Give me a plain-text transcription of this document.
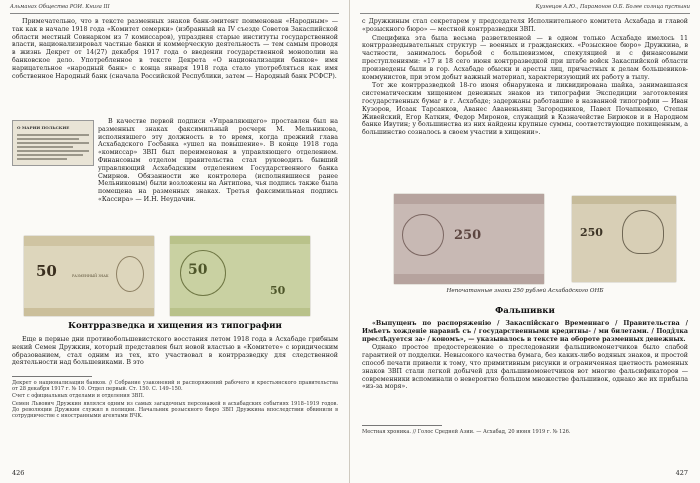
Альманах Общества РОИ. Книга III

Примечательно, что в тексте разменных знаков банк-эмитент поименован «Народным» — так как в начале 1918 года «Комитет семерки» (избранный на IV съезде Советов Закаспийской области местный Совнарком из 7 комиссаров), упраздняя старые институты государственной власти, национализировал частные банки и коммерческую деятельность — тем самым проводя в жизнь Декрет от 14(27) декабря 1917 года о введении государственной монополии на банковское дело. Употребленное в тексте Декрета «О национализации банков» имя нарицательное «народный банк» с конца января 1918 года стало употребляться как имя собственное Народный банк (сначала Российской Республики, затем — Народный банк РСФСР).

О МАРИИ ПОЛЬСКИЕ

В качестве первой подписи «Управляющего» проставлен был на разменных знаках факсимильный росчерк М. Мельникова, исполнявшего эту должность в то время, когда прежний глава Асхабадского Госбанка «ушел на повышение». В конце 1918 года «комиссар» ЗВП был переименован в управляющего отделением. Финансовым отделом правительства стал руководить бывший управляющий Асхабадским отделением Государственного банка Смирнов. Обязанности же контролера (исполнявшиеся ранее Мельниковым) были возложены на Антипова, чья подпись также была помещена на разменных знаках. Третья факсимильная подпись «Кассира» — И.Н. Неудачин.

50	РАЗМЕННЫЙ ЗНАК	50
50
Контрразведка и хищения из типографии

Еще в первые дни противобольшевистского восстания летом 1918 года в Асхабаде грибным некий Семен Дружкин, который представлен был новой властью в «Комитете» с юридическим образованием, стал одним из тех, кто участвовал в контрразведку для следственной деятельности над большевиками. В это

Декрет о национализации банков. // Собрание узаконений и распоряжений рабочего и крестьянского правительства от 28 декабря 1917 г. № 10. Отдел первый. Ст. 150. С. 149–150.

Счет с официальных отделами и отделения ЗВП.

Семен Львович Дружкин являлся одним из самых загадочных персонажей в асхабадских событиях 1918–1919 годов. До революции Дружкин служил в полиции. Начальник розыскного бюро ЗВП Дружкина впоследствии обвинили в сотрудничестве с иностранными агентами ВЧК.

426
Кузнецов А.Ю., Парамонов О.Б. Более солнца пустыни

с Дружкиным стал секретарем у председателя Исполнительного комитета Асхабада и главой «розыскного бюро» — местной контрразведки ЗВП.

Специфика эта была весьма разветвленной — в одном только Асхабаде имелось 11 контрразведывательных структур — военных и гражданских. «Розыскное бюро» Дружкина, в частности, занималось борьбой с большевизмом, спекуляцией и с финансовыми преступлениями: «17 и 18 сего июня контрразведкой при штабе войск Закаспийской области произведены были в гор. Асхабаде обыски и аресты лиц, причастных к делам большевиков-коммунистов, при этом добыт важный материал, характеризующий их работу в тылу.

Тот же контрразведкой 18-го июня обнаружена и ликвидирована шайка, занимавшаяся систематическим хищением денежных знаков из типографии Экспедиции заготовления государственных бумаг в г. Асхабаде; задержаны работавшие в названной типографии — Иван Кузоров, Исаак Тарсанков, Аванес Аваненьянц Загородников, Павел Почапкенко, Степан Живейский, Егор Каткин, Федор Миронов, служащий в Казначействе Бирюков и в Народном банке Ивутин; у большинства из них найдены крупные суммы, соответствующие похищенным, а большинство созналось в своем участии в хищении».

250	250
Непочатанные знаки 250 рублей Асхабадского ОНБ
Фальшивки

«Выпущенъ по распоряженію / Закаспійскаго Временнаго / Правительства / Имѣетъ хожденіе наравнѣ съ / государственными кредитны- / ми билетами. / Подд̀лка преслѣдуется за- / кономъ», — указывалось в тексте на обороте разменных денежных.

Однако простое предостережение о преследовании фальшивомонетчиков было слабой гарантией от подделки. Невысокого качества бумага, без каких-либо водяных знаков, и простой способ печати привели к тому, что примитивным рисунки и ограниченная цветность раменных знаков ЗВП стали легкой добычей для фальшивомонетчиков вот многие фальсификаторов — современники вспоминали о невероятно большом множестве фальшивок, однако же их прибыла «из-за моря».

Местная хроника. // Голос Средней Азии. — Асхабад, 20 июня 1919 г. № 126.

427
